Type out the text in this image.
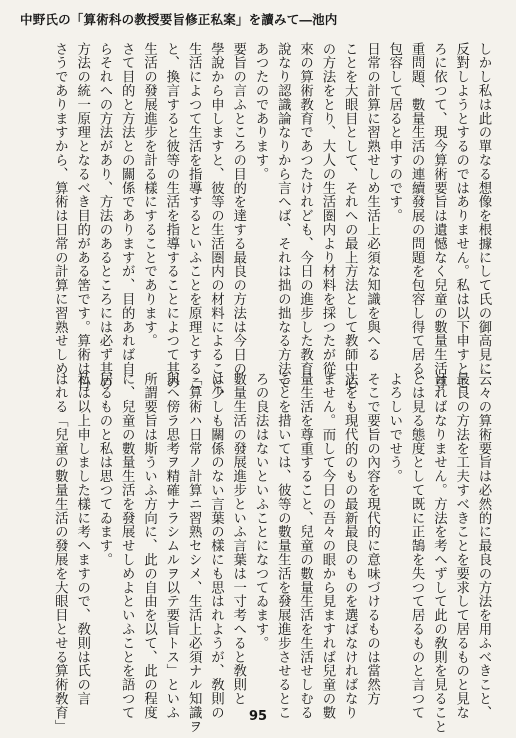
中野氏の「算術科の教授要旨修正私案」を讀みて―池内
しかし私は此の單なる想像を根據にして氏の御高見に
反對しようとするのではありません。私は以下申すとこ
ろに依つて、現今算術要旨は遺憾なく兒童の數量生活尊
重問題、數量生活の連續發展の問題を包容し得て居る、
包容して居ると申すのです。
日常の計算に習熟せしめ生活上必須な知識を與へる
ことを大眼目として、それへの最上方法として教師中心
の方法をとり、大人の生活圏内より材料を採つたが從
來の算術教育であつたけれども、今日の進步した教育
說なり認識論なりから言へば、それは拙の拙なる方法で
あつたのであります。
要旨の言ふところの目的を達する最良の方法は今日の
學說から申しますと、彼等の生活圏内の材料によること、
生活によつて生活を指導するといふことを原理とするこ
と、換言すると彼等の生活を指導することによつて其の
生活の發展進步を計る樣にすることであります。
さて目的と方法との關係でありますが、目的あれば自
らそれへの方法があり、方法のあるところには必ず其の
方法の統一原理となるべき目的がある筈です。算術は日
さうでありますから、算術は日常の計算に習熟せしめ
云々の算術要旨は必然的に最良の方法を用ふべきこと、
最良の方法を工夫すべきことを要求して居るものと見な
ければなりません。方法を考へずして此の敎則を見ること
とは見る態度として既に正鵠を失つて居るものと言つて
よろしいでせう。
そこで要旨の內容を現代的に意味づけるものは當然方
法をも現代的のもの最新最良のものを選ばなければなり
ません。而して今日の吾々の眼から見ますれば兒童の數
量生活を尊重すること、兒童の數量生活を生活せしむる
ことを措いては、彼等の數量生活を發展進步させるとこ
ろの良法はないといふことになつてゐます。
數量生活の發展進步といふ言葉は一寸考へると敎則と
は少しも關係のない言葉の樣にも思はれようが、敎則の
「算術ハ日常ノ計算ニ習熟セシメ、生活上必須ナル知識ヲ
與ヘ傍ラ思考ヲ精確ナラシムルヲ以テ要旨トス」といふ
所謂要旨は斯ういふ方向に、此の自由を以て、此の程度
に、兒童の數量生活を發展せしめよといふことを語つて
居るものと私は思つてゐます。
私は以上申しました樣に考へますので、敎則は氏の言
はれる「兒童の數量生活の發展を大眼目とせる算術敎育」	95
